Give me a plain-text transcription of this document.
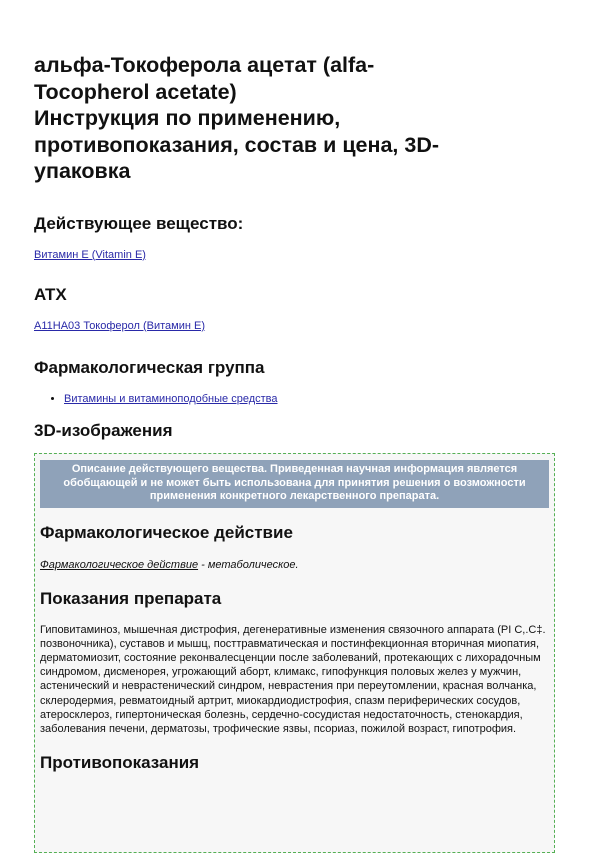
альфа-Токоферола ацетат (alfa-
Tocopherol acetate)
Инструкция по применению,
противопоказания, состав и цена, 3D-
упаковка
Действующее вещество:
Витамин E (Vitamin E)
ATX
A11HA03 Токоферол (Витамин E)
Фармакологическая группа
• Витамины и витаминоподобные средства
3D-изображения
Описание действующего вещества. Приведенная научная информация является обобщающей и не может быть использована для принятия решения о возможности применения конкретного лекарственного препарата.
Фармакологическое действие
Фармакологическое действие - метаболическое.
Показания препарата
Гиповитаминоз, мышечная дистрофия, дегенеративные изменения связочного аппарата (РI С,.С‡. позвоночника), суставов и мышц, посттравматическая и постинфекционная вторичная миопатия, дерматомиозит, состояние реконвалесценции после заболеваний, протекающих с лихорадочным синдромом, дисменорея, угрожающий аборт, климакс, гипофункция половых желез у мужчин, астенический и неврастенический синдром, неврастения при переутомлении, красная волчанка, склеродермия, ревматоидный артрит, миокардиодистрофия, спазм периферических сосудов, атеросклероз, гипертоническая болезнь, сердечно-сосудистая недостаточность, стенокардия, заболевания печени, дерматозы, трофические язвы, псориаз, пожилой возраст, гипотрофия.
Противопоказания
